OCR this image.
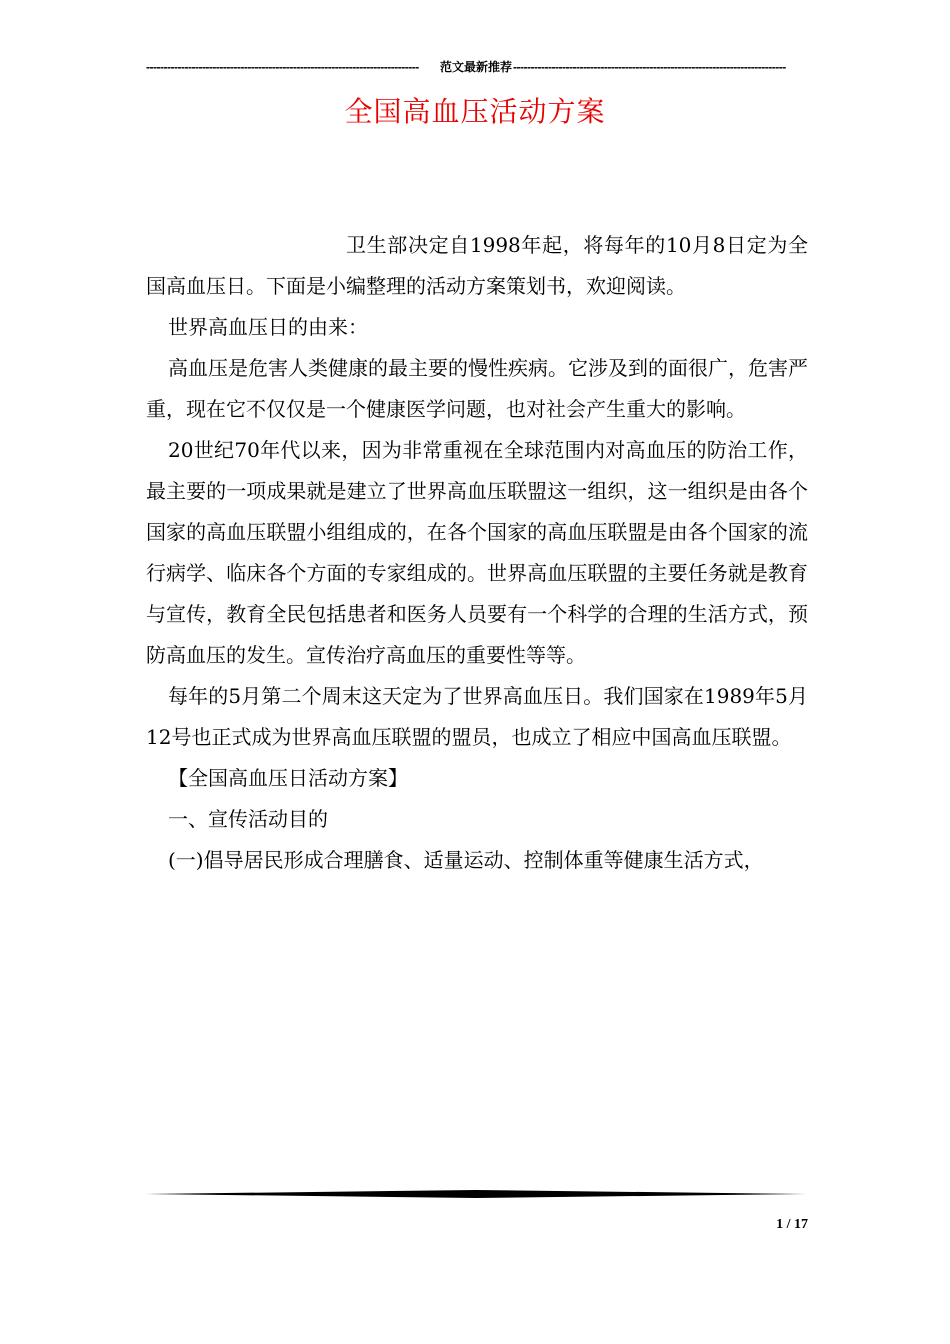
------------------------------------------------------------------------------	范文最新推荐 ------------------------------------------------------------------------------
全国高血压活动方案

卫生部决定自1998年起，将每年的10月8日定为全国高血压日。下面是小编整理的活动方案策划书，欢迎阅读。

世界高血压日的由来：

高血压是危害人类健康的最主要的慢性疾病。它涉及到的面很广，危害严重，现在它不仅仅是一个健康医学问题，也对社会产生重大的影响。

20世纪70年代以来，因为非常重视在全球范围内对高血压的防治工作，最主要的一项成果就是建立了世界高血压联盟这一组织，这一组织是由各个国家的高血压联盟小组组成的，在各个国家的高血压联盟是由各个国家的流行病学、临床各个方面的专家组成的。世界高血压联盟的主要任务就是教育与宣传，教育全民包括患者和医务人员要有一个科学的合理的生活方式，预防高血压的发生。宣传治疗高血压的重要性等等。

每年的5月第二个周末这天定为了世界高血压日。我们国家在1989年5月12号也正式成为世界高血压联盟的盟员，也成立了相应中国高血压联盟。

【全国高血压日活动方案】

一、宣传活动目的

(一)倡导居民形成合理膳食、适量运动、控制体重等健康生活方式，

1 / 17
